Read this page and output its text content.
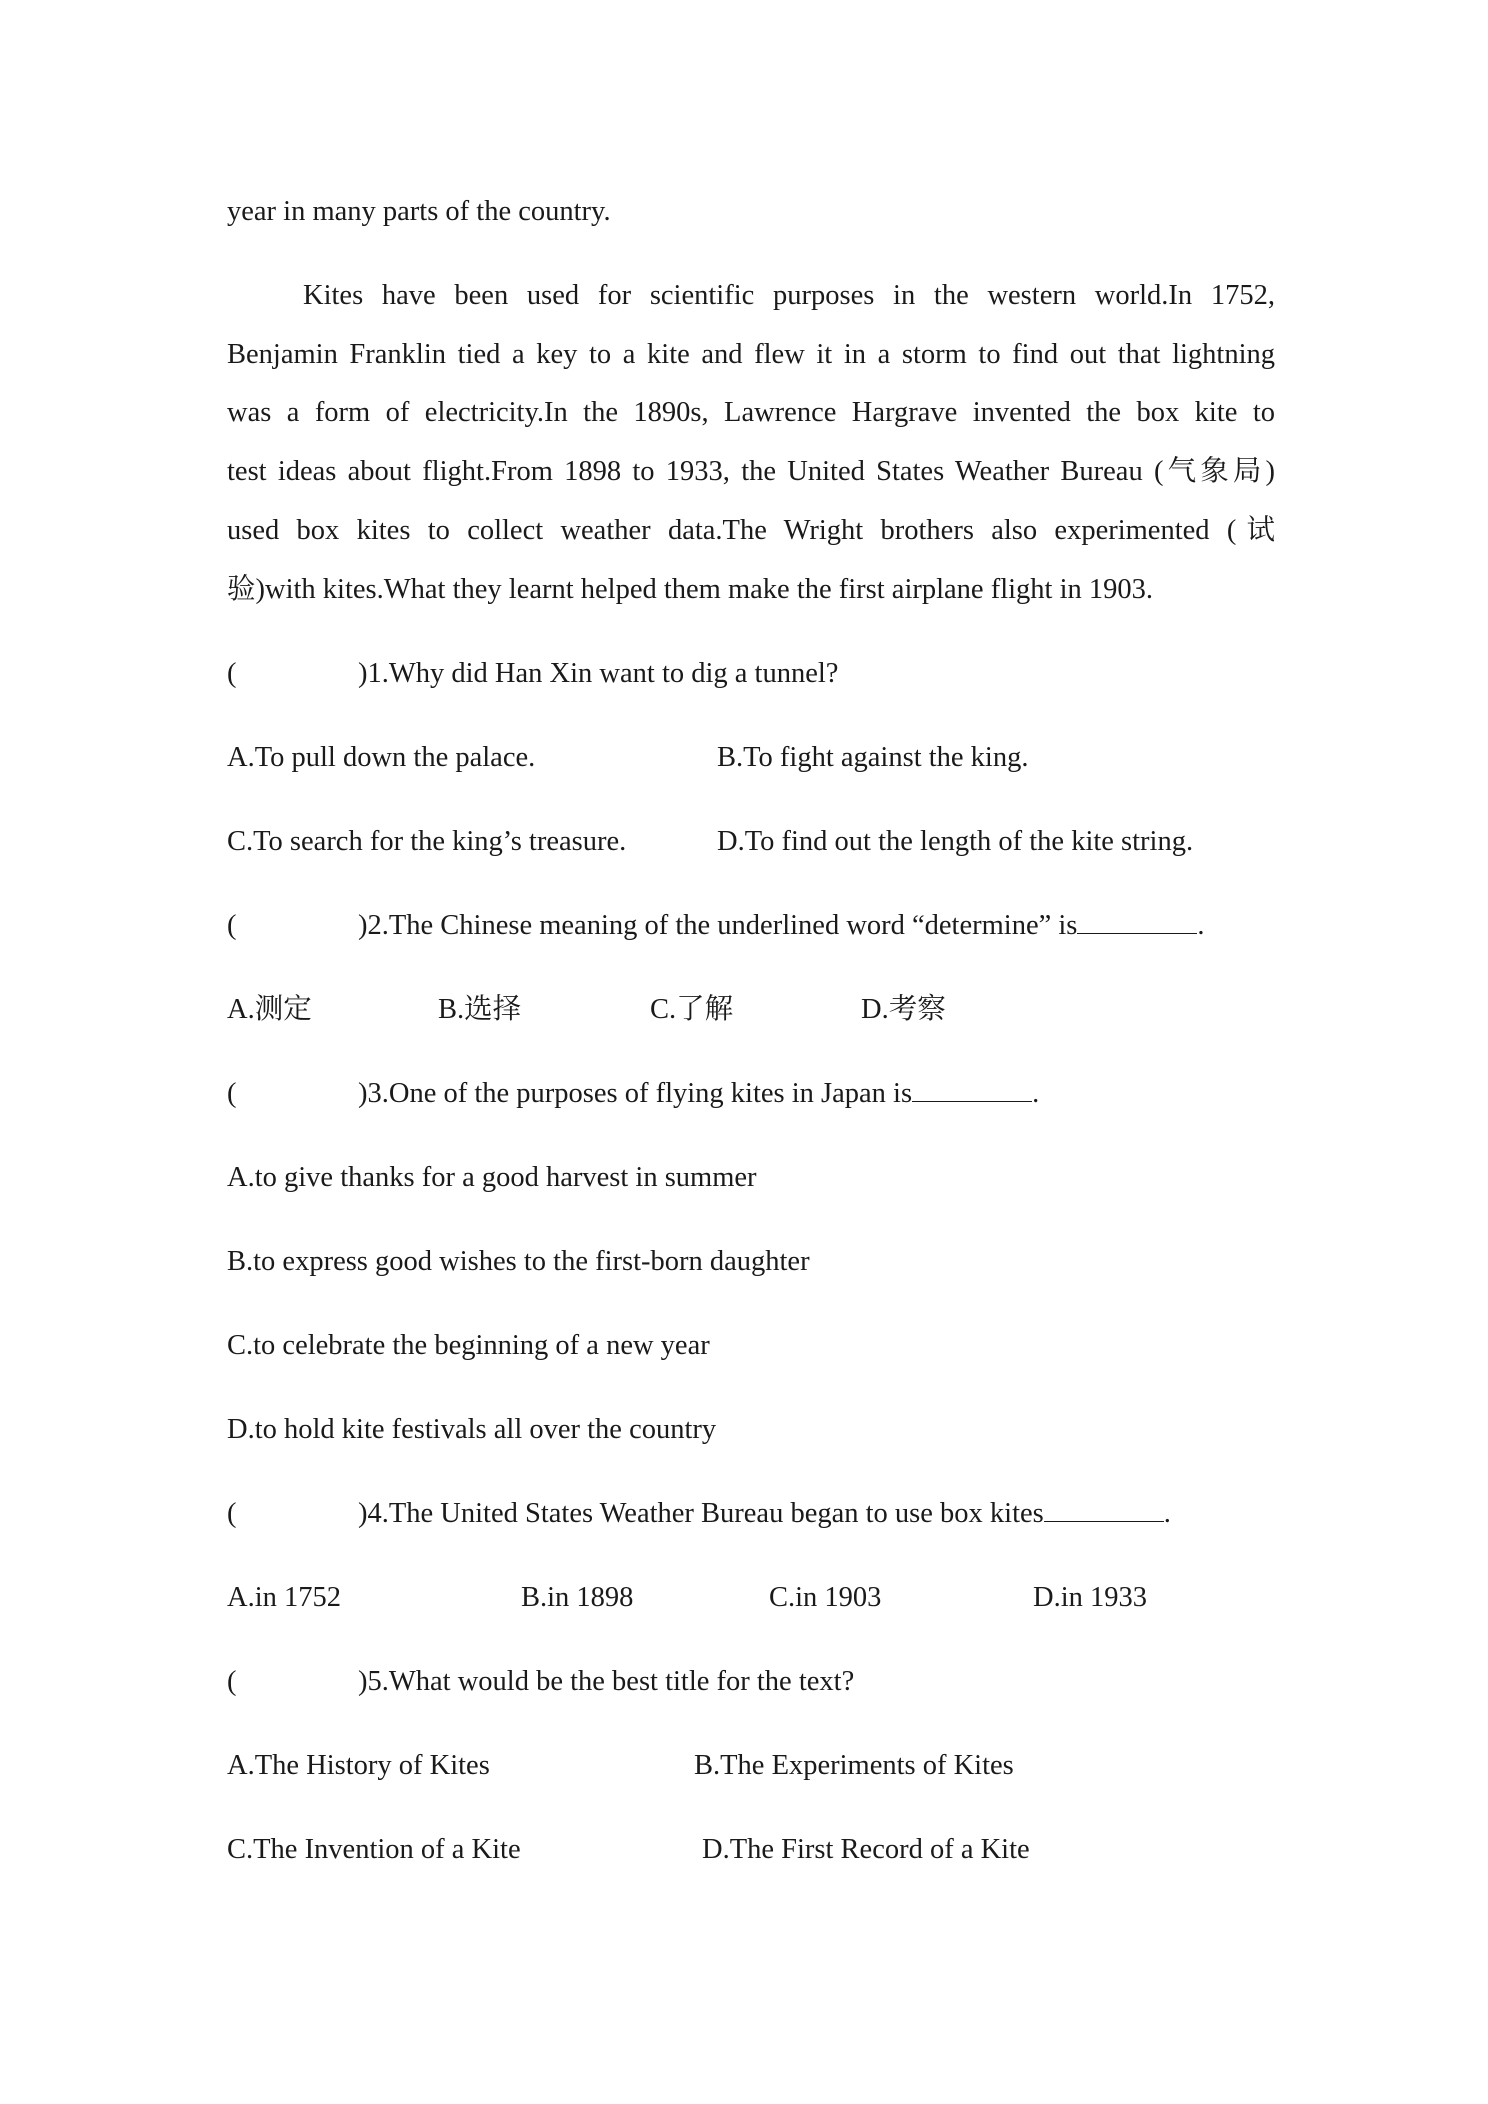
year in many parts of the country.
Kites have been used for scientific purposes in the western world.In 1752,
Benjamin Franklin tied a key to a kite and flew it in a storm to find out that lightning
was a form of electricity.In the 1890s, Lawrence Hargrave invented the box kite to
test ideas about flight.From 1898 to 1933, the United States Weather Bureau (气象局)
used box kites to collect weather data.The Wright brothers also experimented (试
验)with kites.What they learnt helped them make the first airplane flight in 1903.
(	)1.Why did Han Xin want to dig a tunnel?
A.To pull down the palace.	B.To fight against the king.
C.To search for the king’s treasure.	D.To find out the length of the kite string.
(	)2.The Chinese meaning of the underlined word “determine” is	.
A.测定	B.选择	C.了解	D.考察
(	)3.One of the purposes of flying kites in Japan is	.
A.to give thanks for a good harvest in summer
B.to express good wishes to the first-born daughter
C.to celebrate the beginning of a new year
D.to hold kite festivals all over the country
(	)4.The United States Weather Bureau began to use box kites	.
A.in 1752	B.in 1898	C.in 1903	D.in 1933
(	)5.What would be the best title for the text?
A.The History of Kites	B.The Experiments of Kites
C.The Invention of a Kite	D.The First Record of a Kite
